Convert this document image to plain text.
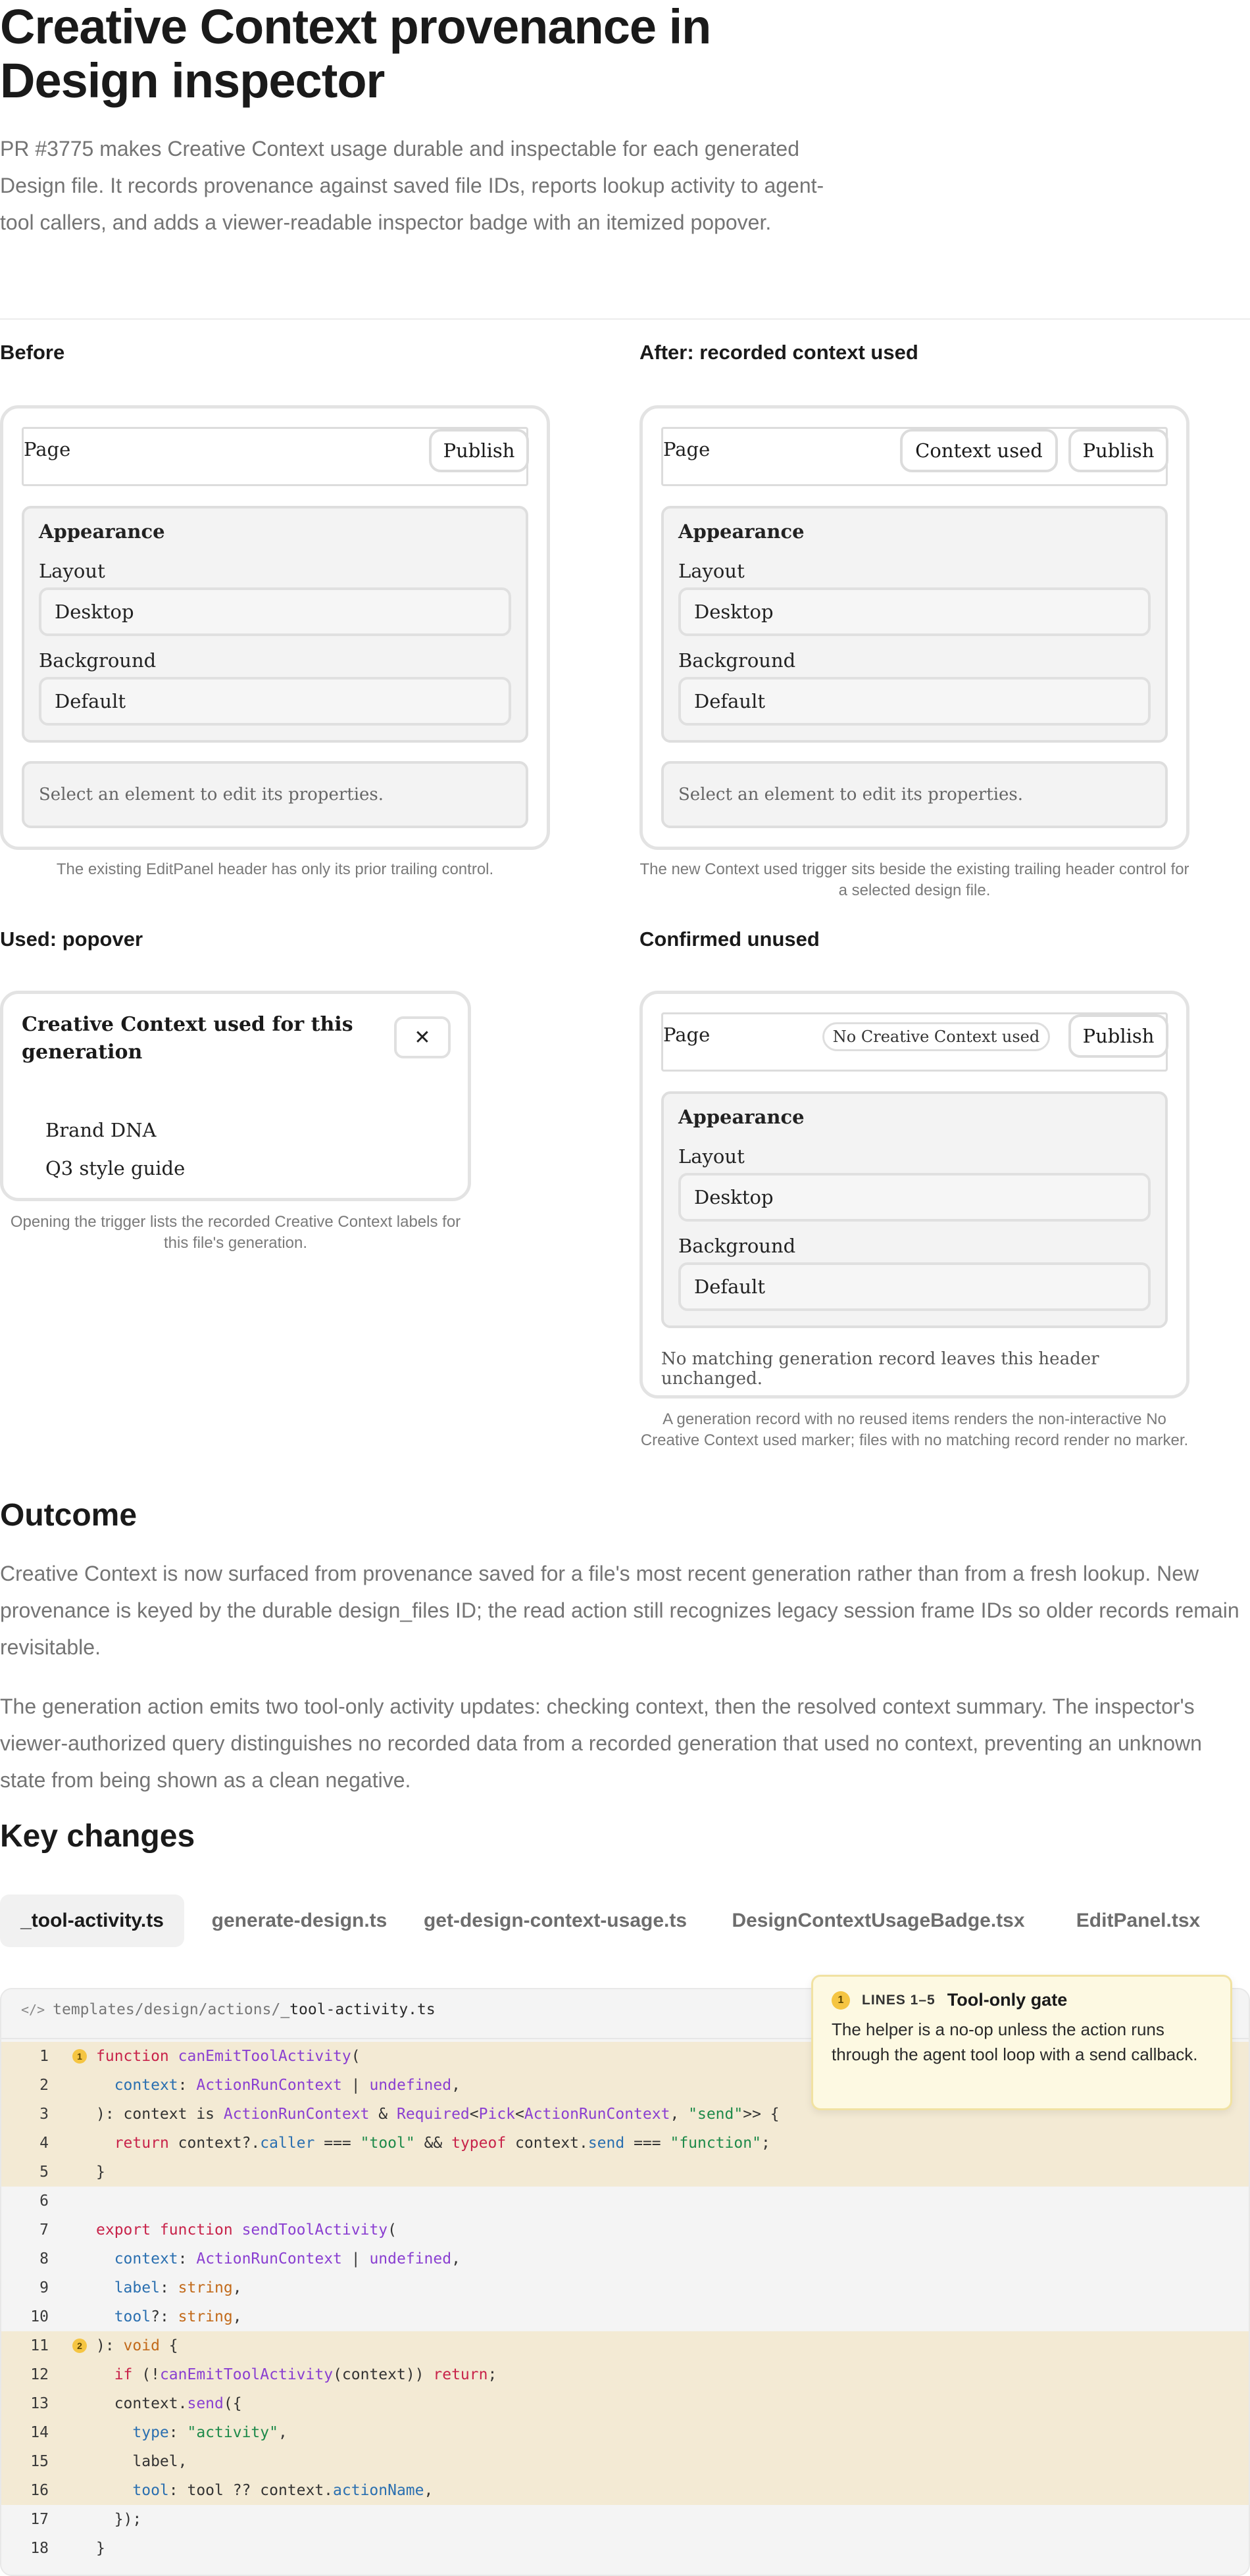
Creative Context provenance in Design inspector

PR #3775 makes Creative Context usage durable and inspectable for each generated Design file. It records provenance against saved file IDs, reports lookup activity to agent-tool callers, and adds a viewer-readable inspector badge with an itemized popover.

Before
Page	Publish
Appearance
Layout
Desktop
Background
Default
Select an element to edit its properties.
The existing EditPanel header has only its prior trailing control.
After: recorded context used
Page	Context used	Publish
Appearance
Layout
Desktop
Background
Default
Select an element to edit its properties.
The new Context used trigger sits beside the existing trailing header control for a selected design file.
Used: popover
Creative Context used for this generation
✕
Brand DNA
Q3 style guide
Opening the trigger lists the recorded Creative Context labels for this file's generation.
Confirmed unused
Page	No Creative Context used	Publish
Appearance
Layout
Desktop
Background
Default
No matching generation record leaves this header unchanged.
A generation record with no reused items renders the non-interactive No Creative Context used marker; files with no matching record render no marker.
Outcome

Creative Context is now surfaced from provenance saved for a file's most recent generation rather than from a fresh lookup. New provenance is keyed by the durable design_files ID; the read action still recognizes legacy session frame IDs so older records remain revisitable.

The generation action emits two tool-only activity updates: checking context, then the resolved context summary. The inspector's viewer-authorized query distinguishes no recorded data from a recorded generation that used no context, preventing an unknown state from being shown as a clean negative.

Key changes
_tool-activity.ts	generate-design.ts	get-design-context-usage.ts	DesignContextUsageBadge.tsx	EditPanel.tsx
</> templates/design/actions/_tool-activity.ts
1	1 function canEmitToolActivity(
2	context: ActionRunContext | undefined,
3	): context is ActionRunContext & Required<Pick<ActionRunContext, "send">> {
4	return context?.caller === "tool" && typeof context.send === "function";
5	}
6

7	export function sendToolActivity(
8	context: ActionRunContext | undefined,
9	label: string,
10	tool?: string,
11	2 ): void {
12	if (!canEmitToolActivity(context)) return;
13	context.send({
14	type: "activity",
15	label,
16	tool: tool ?? context.actionName,
17	});
18	}
1	LINES 1–5 Tool-only gate
The helper is a no-op unless the action runs through the agent tool loop with a send callback.
